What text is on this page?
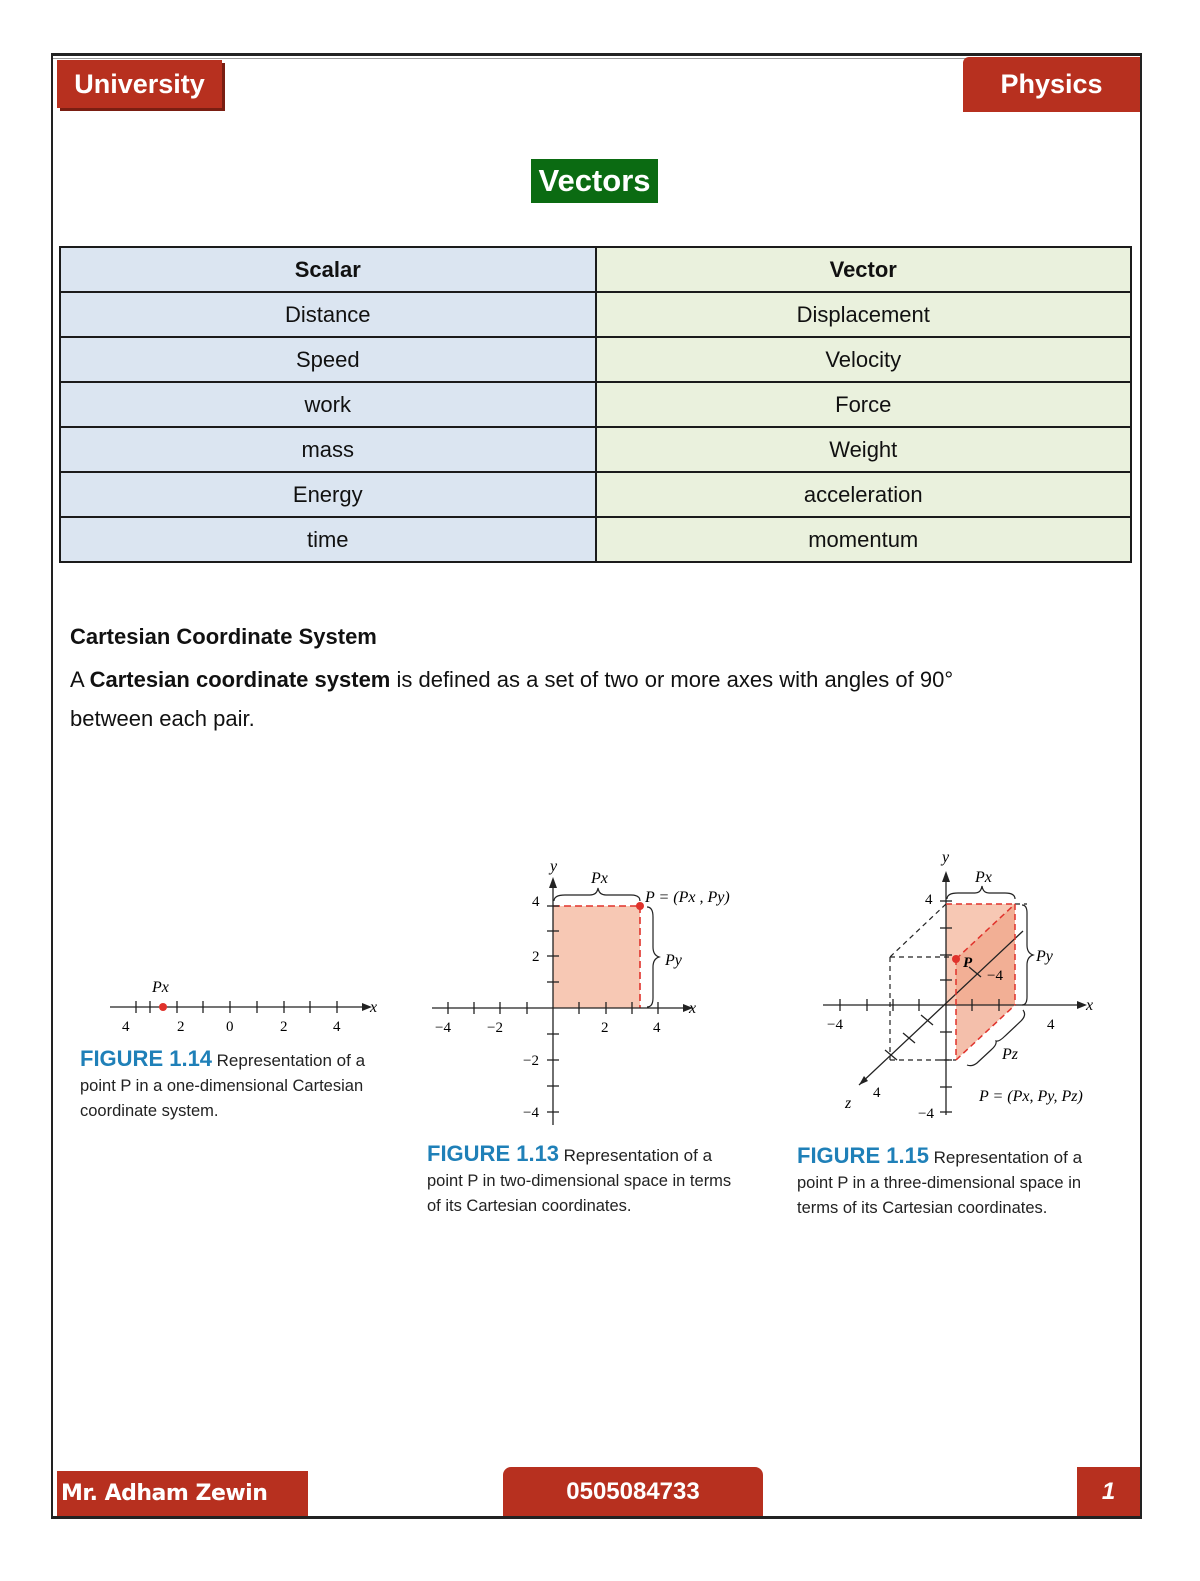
University	Physics
Vectors
Scalar	Vector
Distance	Displacement
Speed	Velocity
work	Force
mass	Weight
Energy	acceleration
time	momentum
Cartesian Coordinate System
A Cartesian coordinate system is defined as a set of two or more axes with angles of 90°
between each pair.
Px
x
4	2	0	2	4
FIGURE 1.14 Representation of a
point P in a one-dimensional Cartesian
coordinate system.
Px
Py
P = (Px , Py)
y
x
−4 −2	2	4
4
2
−2
−4
FIGURE 1.13 Representation of a
point P in two-dimensional space in terms
of its Cartesian coordinates.
Px
Py
Pz
P
y
x
z
4
−4	4
−4
4
−4
P = (Px, Py, Pz)
FIGURE 1.15 Representation of a
point P in a three-dimensional space in
terms of its Cartesian coordinates.
Mr. Adham Zewin	0505084733	1
